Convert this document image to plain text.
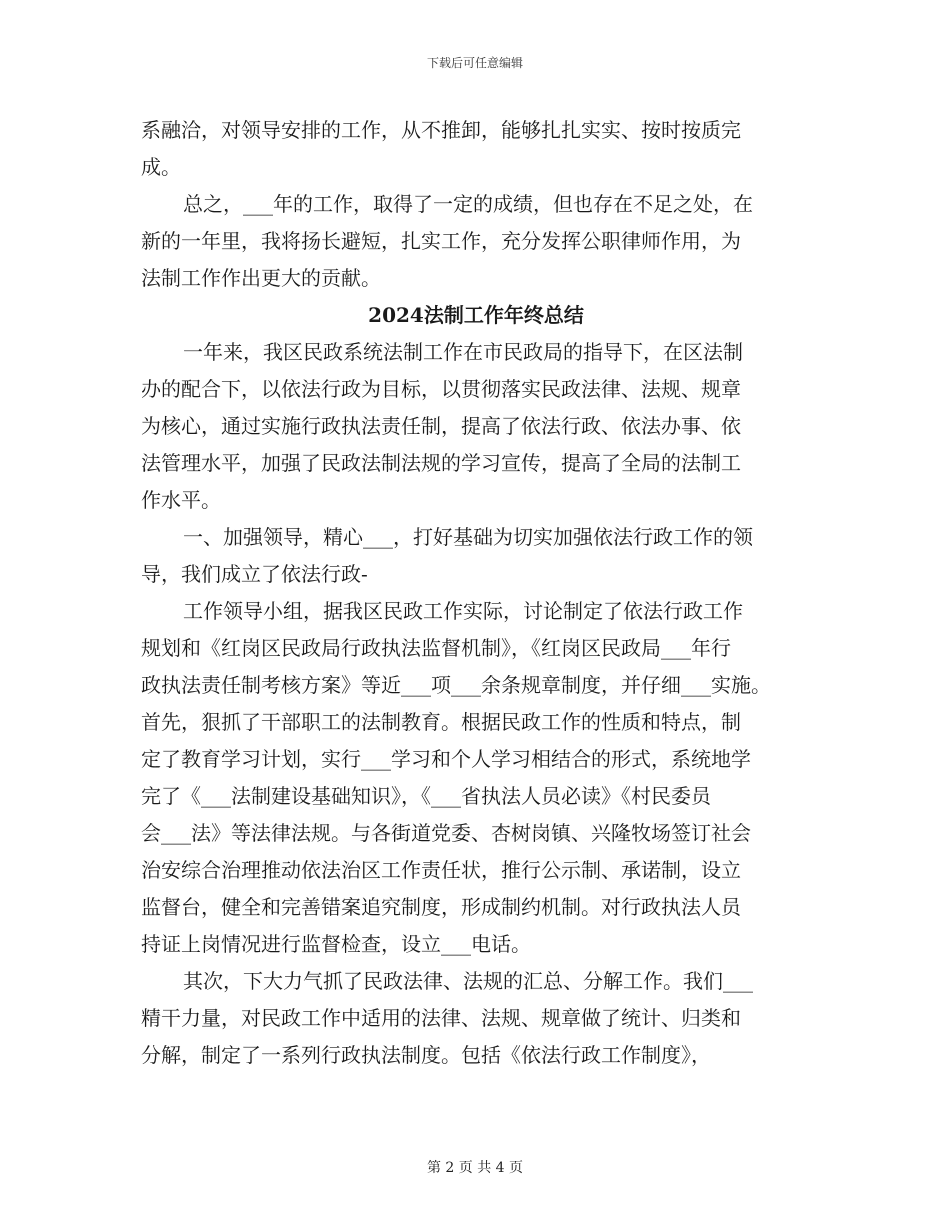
下载后可任意编辑
系融洽，对领导安排的工作，从不推卸，能够扎扎实实、按时按质完
成。
总之，___年的工作，取得了一定的成绩，但也存在不足之处，在
新的一年里，我将扬长避短，扎实工作，充分发挥公职律师作用，为
法制工作作出更大的贡献。
2024法制工作年终总结
一年来，我区民政系统法制工作在市民政局的指导下，在区法制
办的配合下，以依法行政为目标，以贯彻落实民政法律、法规、规章
为核心，通过实施行政执法责任制，提高了依法行政、依法办事、依
法管理水平，加强了民政法制法规的学习宣传，提高了全局的法制工
作水平。
一、加强领导，精心___，打好基础为切实加强依法行政工作的领
导，我们成立了依法行政-
工作领导小组，据我区民政工作实际，讨论制定了依法行政工作
规划和《红岗区民政局行政执法监督机制》，《红岗区民政局___年行
政执法责任制考核方案》等近___项___余条规章制度，并仔细___实施。
首先，狠抓了干部职工的法制教育。根据民政工作的性质和特点，制
定了教育学习计划，实行___学习和个人学习相结合的形式，系统地学
完了《___法制建设基础知识》，《___省执法人员必读》《村民委员
会___法》等法律法规。与各街道党委、杏树岗镇、兴隆牧场签订社会
治安综合治理推动依法治区工作责任状，推行公示制、承诺制，设立
监督台，健全和完善错案追究制度，形成制约机制。对行政执法人员
持证上岗情况进行监督检查，设立___电话。
其次，下大力气抓了民政法律、法规的汇总、分解工作。我们___
精干力量，对民政工作中适用的法律、法规、规章做了统计、归类和
分解，制定了一系列行政执法制度。包括《依法行政工作制度》，
第 2 页 共 4 页
